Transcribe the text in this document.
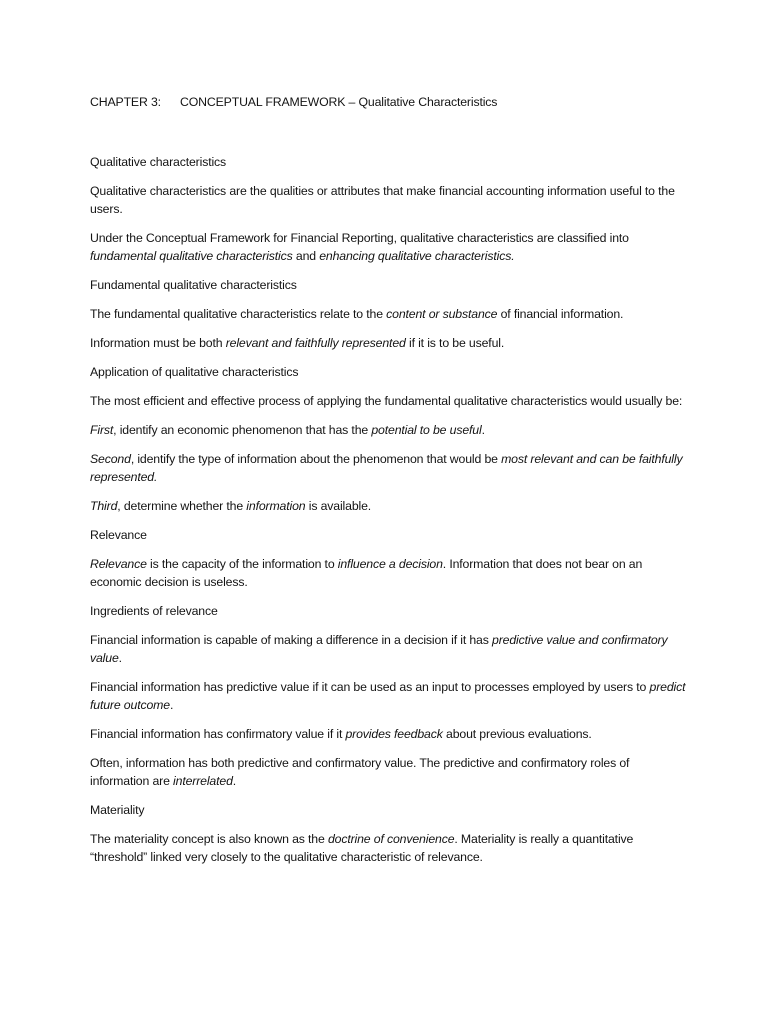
CHAPTER 3:	CONCEPTUAL FRAMEWORK – Qualitative Characteristics
Qualitative characteristics

Qualitative characteristics are the qualities or attributes that make financial accounting information useful to the users.

Under the Conceptual Framework for Financial Reporting, qualitative characteristics are classified into fundamental qualitative characteristics and enhancing qualitative characteristics.

Fundamental qualitative characteristics

The fundamental qualitative characteristics relate to the content or substance of financial information.

Information must be both relevant and faithfully represented if it is to be useful.

Application of qualitative characteristics

The most efficient and effective process of applying the fundamental qualitative characteristics would usually be:

First, identify an economic phenomenon that has the potential to be useful.

Second, identify the type of information about the phenomenon that would be most relevant and can be faithfully represented.

Third, determine whether the information is available.

Relevance

Relevance is the capacity of the information to influence a decision. Information that does not bear on an economic decision is useless.

Ingredients of relevance

Financial information is capable of making a difference in a decision if it has predictive value and confirmatory value.

Financial information has predictive value if it can be used as an input to processes employed by users to predict future outcome.

Financial information has confirmatory value if it provides feedback about previous evaluations.

Often, information has both predictive and confirmatory value. The predictive and confirmatory roles of information are interrelated.

Materiality

The materiality concept is also known as the doctrine of convenience. Materiality is really a quantitative “threshold” linked very closely to the qualitative characteristic of relevance.
